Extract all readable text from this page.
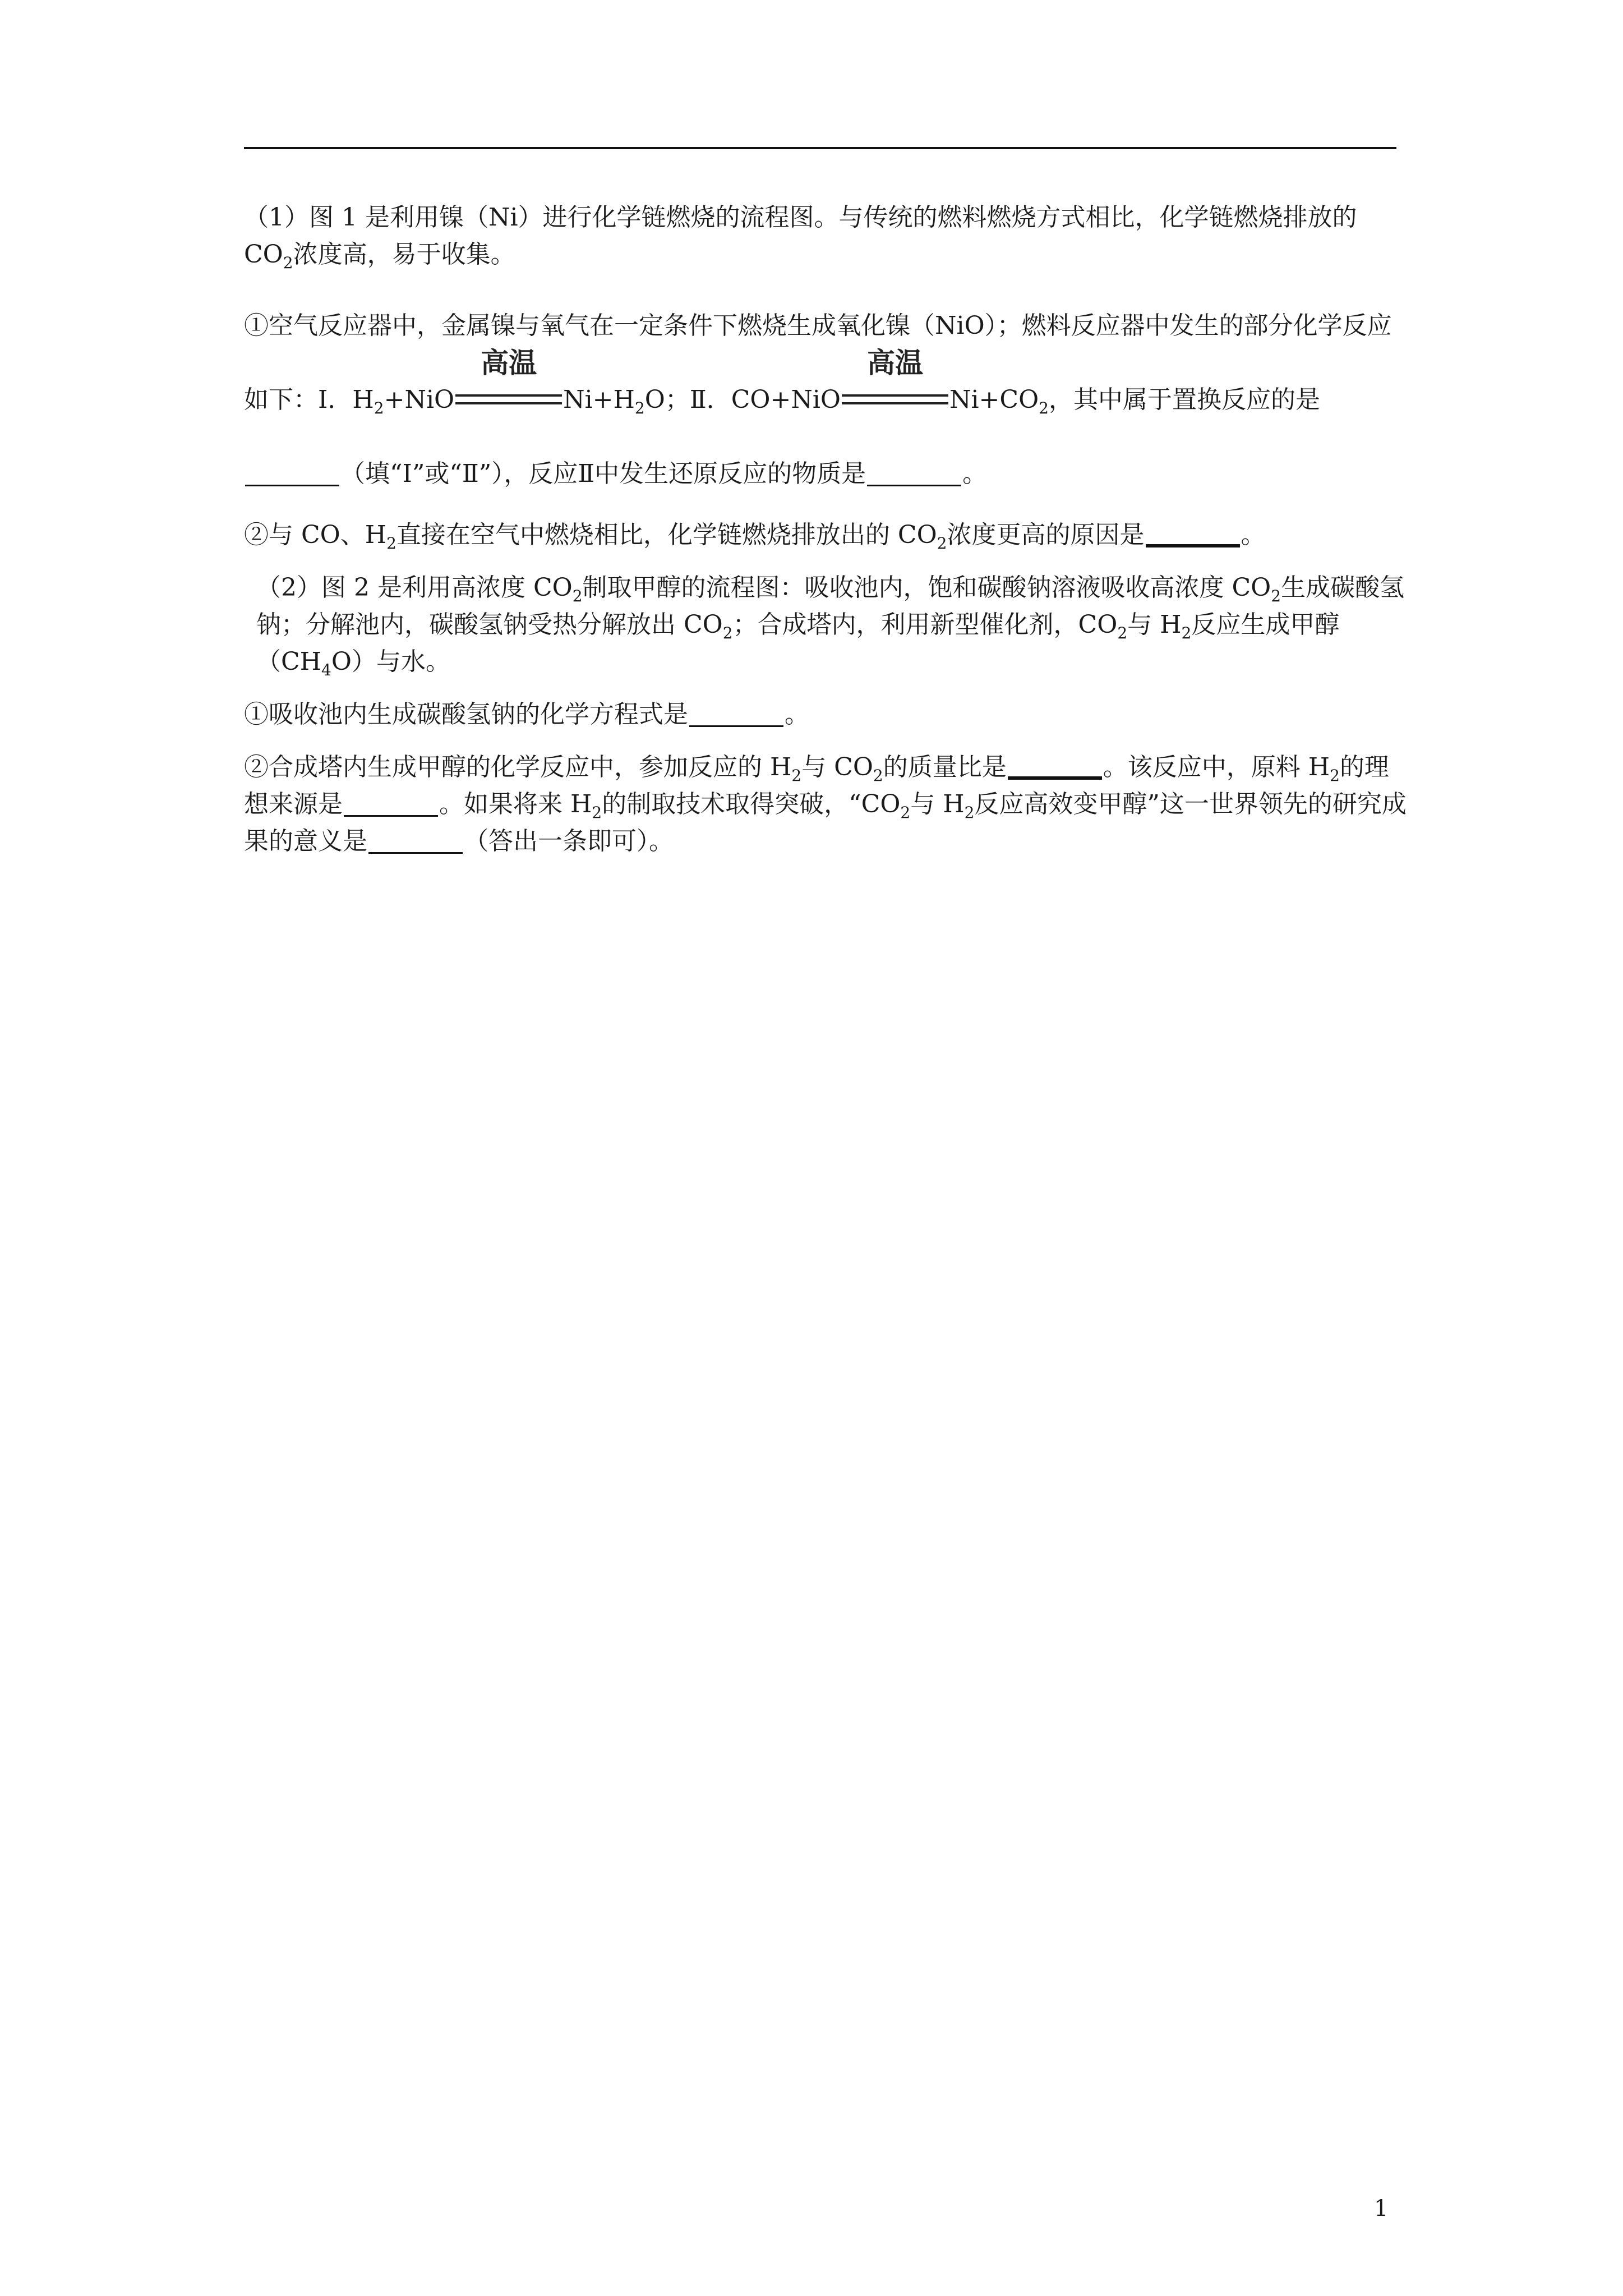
（1）图 1 是利用镍（Ni）进行化学链燃烧的流程图。与传统的燃料燃烧方式相比，化学链燃烧排放的 $CO_2$浓度高，易于收集。

①空气反应器中，金属镍与氧气在一定条件下燃烧生成氧化镍（NiO）；燃料反应器中发生的部分化学反应如下：Ⅰ．$H_2+NiO$
高温
$Ni+H_2O$；Ⅱ．CO+NiO
高温
$Ni+CO_2$，其中属于置换反应的是（填“Ⅰ”或“Ⅱ”），反应Ⅱ中发生还原反应的物质是	。

②与 CO、$H_2$直接在空气中燃烧相比，化学链燃烧排放出的 $CO_2$浓度更高的原因是	。

（2）图 2 是利用高浓度 $CO_2$制取甲醇的流程图：吸收池内，饱和碳酸钠溶液吸收高浓度 $CO_2$生成碳酸氢钠；分解池内，碳酸氢钠受热分解放出 $CO_2$；合成塔内，利用新型催化剂，$CO_2$与 $H_2$反应生成甲醇$(CH_4O)$与水。

①吸收池内生成碳酸氢钠的化学方程式是	。

②合成塔内生成甲醇的化学反应中，参加反应的 $H_2$与 $CO_2$的质量比是	。该反应中，原料 $H_2$的理想来源是	。如果将来 $H_2$的制取技术取得突破，“$CO_2$与 $H_2$反应高效变甲醇”这一世界领先的研究成果的意义是	（答出一条即可）。

1
